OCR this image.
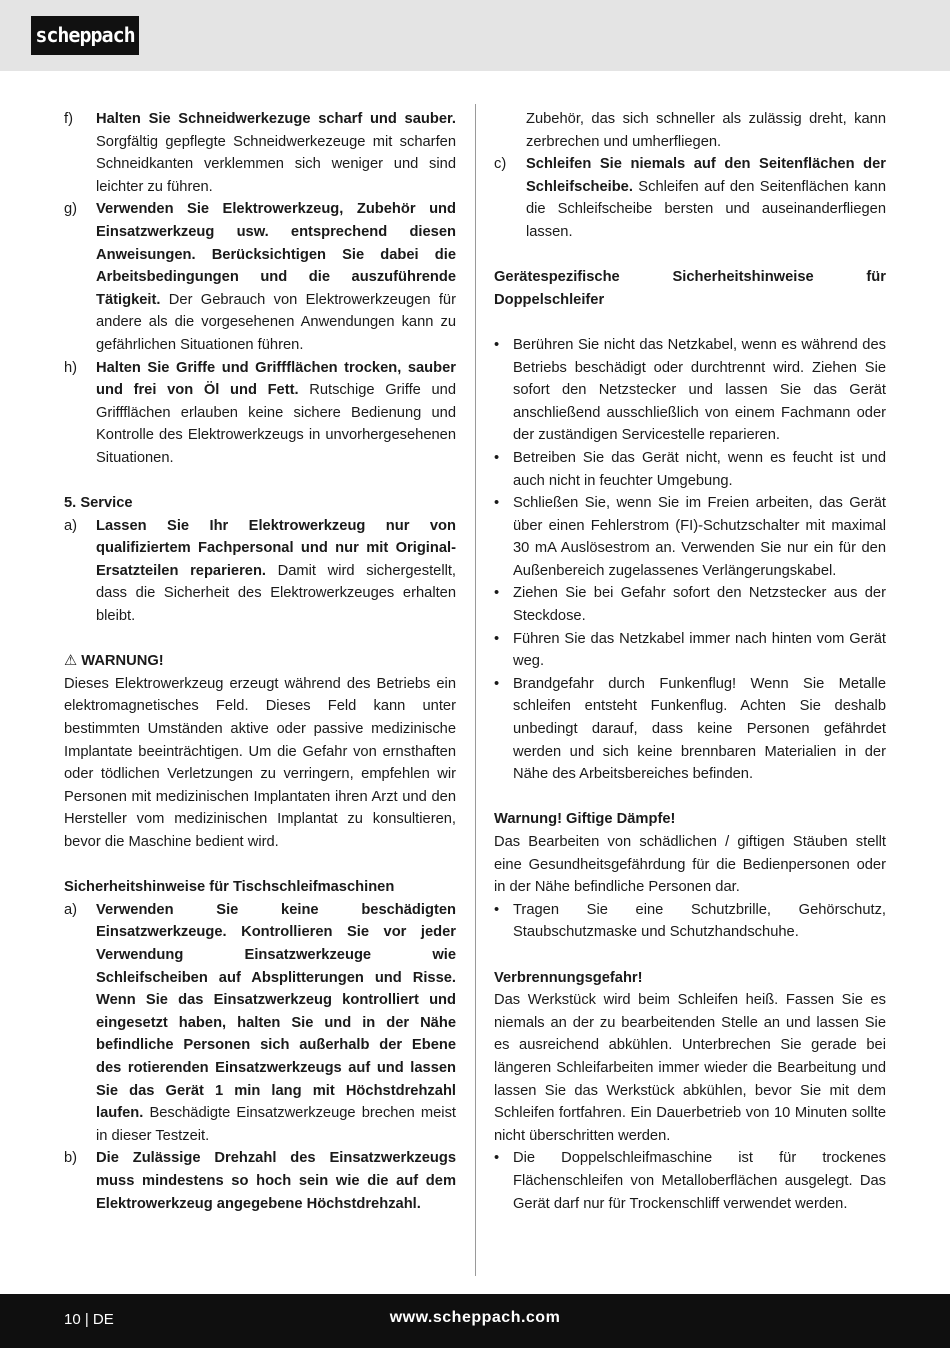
scheppach
f) Halten Sie Schneidwerkezuge scharf und sauber. Sorgfältig gepflegte Schneidwerkezeuge mit scharfen Schneidkanten verklemmen sich weniger und sind leichter zu führen.
g) Verwenden Sie Elektrowerkzeug, Zubehör und Einsatzwerkzeug usw. entsprechend diesen Anweisungen. Berücksichtigen Sie dabei die Arbeitsbedingungen und die auszuführende Tätigkeit. Der Gebrauch von Elektrowerkzeugen für andere als die vorgesehenen Anwendungen kann zu gefährlichen Situationen führen.
h) Halten Sie Griffe und Griffflächen trocken, sauber und frei von Öl und Fett. Rutschige Griffe und Griffflächen erlauben keine sichere Bedienung und Kontrolle des Elektrowerkzeugs in unvorhergesehenen Situationen.

5. Service

a) Lassen Sie Ihr Elektrowerkzeug nur von qualifiziertem Fachpersonal und nur mit Original-Ersatzteilen reparieren. Damit wird sichergestellt, dass die Sicherheit des Elektrowerkzeuges erhalten bleibt.

⚠ WARNUNG!

Dieses Elektrowerkzeug erzeugt während des Betriebs ein elektromagnetisches Feld. Dieses Feld kann unter bestimmten Umständen aktive oder passive medizinische Implantate beeinträchtigen. Um die Gefahr von ernsthaften oder tödlichen Verletzungen zu verringern, empfehlen wir Personen mit medizinischen Implantaten ihren Arzt und den Hersteller vom medizinischen Implantat zu konsultieren, bevor die Maschine bedient wird.

Sicherheitshinweise für Tischschleifmaschinen

a) Verwenden Sie keine beschädigten Einsatzwerkzeuge. Kontrollieren Sie vor jeder Verwendung Einsatzwerkzeuge wie Schleifscheiben auf Absplitterungen und Risse. Wenn Sie das Einsatzwerkzeug kontrolliert und eingesetzt haben, halten Sie und in der Nähe befindliche Personen sich außerhalb der Ebene des rotierenden Einsatzwerkzeugs auf und lassen Sie das Gerät 1 min lang mit Höchstdrehzahl laufen. Beschädigte Einsatzwerkzeuge brechen meist in dieser Testzeit.
b) Die Zulässige Drehzahl des Einsatzwerkzeugs muss mindestens so hoch sein wie die auf dem Elektrowerkzeug angegebene Höchstdrehzahl.
Zubehör, das sich schneller als zulässig dreht, kann zerbrechen und umherfliegen.
c) Schleifen Sie niemals auf den Seitenflächen der Schleifscheibe. Schleifen auf den Seitenflächen kann die Schleifscheibe bersten und auseinanderfliegen lassen.

Gerätespezifische Sicherheitshinweise für Doppelschleifer

• Berühren Sie nicht das Netzkabel, wenn es während des Betriebs beschädigt oder durchtrennt wird. Ziehen Sie sofort den Netzstecker und lassen Sie das Gerät anschließend ausschließlich von einem Fachmann oder der zuständigen Servicestelle reparieren.
• Betreiben Sie das Gerät nicht, wenn es feucht ist und auch nicht in feuchter Umgebung.
• Schließen Sie, wenn Sie im Freien arbeiten, das Gerät über einen Fehlerstrom (FI)-Schutzschalter mit maximal 30 mA Auslösestrom an. Verwenden Sie nur ein für den Außenbereich zugelassenes Verlängerungskabel.
• Ziehen Sie bei Gefahr sofort den Netzstecker aus der Steckdose.
• Führen Sie das Netzkabel immer nach hinten vom Gerät weg.
• Brandgefahr durch Funkenflug! Wenn Sie Metalle schleifen entsteht Funkenflug. Achten Sie deshalb unbedingt darauf, dass keine Personen gefährdet werden und sich keine brennbaren Materialien in der Nähe des Arbeitsbereiches befinden.

Warnung! Giftige Dämpfe!

Das Bearbeiten von schädlichen / giftigen Stäuben stellt eine Gesundheitsgefährdung für die Bedienpersonen oder in der Nähe befindliche Personen dar.

• Tragen Sie eine Schutzbrille, Gehörschutz, Staubschutzmaske und Schutzhandschuhe.

Verbrennungsgefahr!

Das Werkstück wird beim Schleifen heiß. Fassen Sie es niemals an der zu bearbeitenden Stelle an und lassen Sie es ausreichend abkühlen. Unterbrechen Sie gerade bei längeren Schleifarbeiten immer wieder die Bearbeitung und lassen Sie das Werkstück abkühlen, bevor Sie mit dem Schleifen fortfahren. Ein Dauerbetrieb von 10 Minuten sollte nicht überschritten werden.

• Die Doppelschleifmaschine ist für trockenes Flächenschleifen von Metalloberflächen ausgelegt. Das Gerät darf nur für Trockenschliff verwendet werden.
10 | DE	www.scheppach.com
